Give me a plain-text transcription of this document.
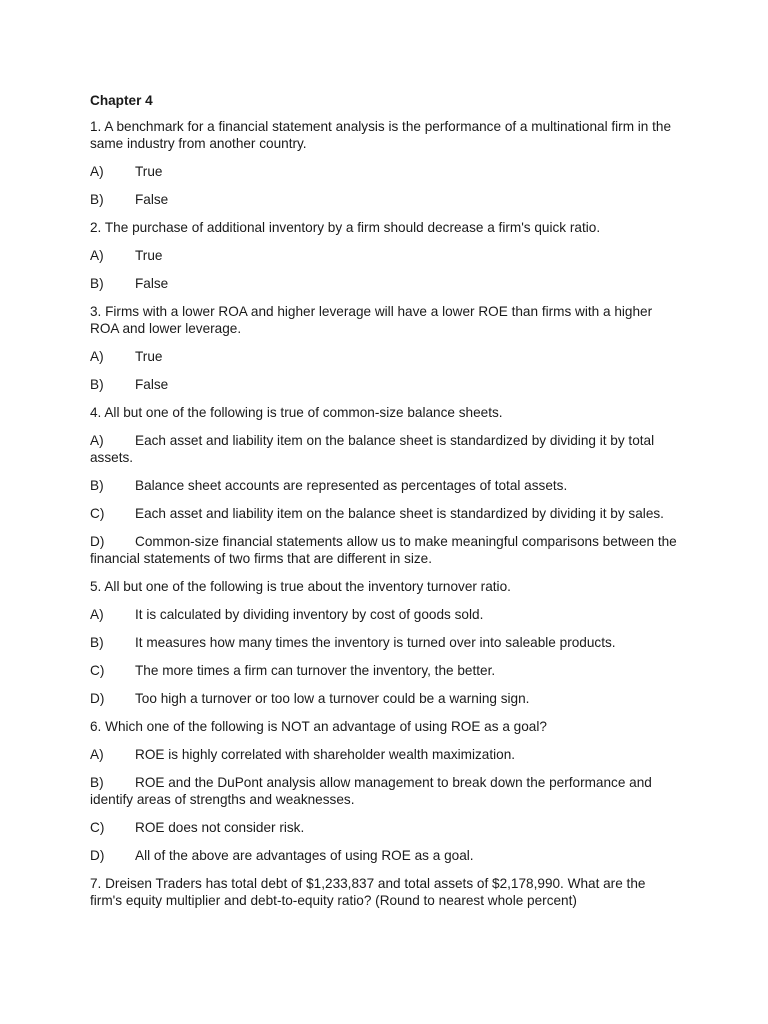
Chapter 4
1. A benchmark for a financial statement analysis is the performance of a multinational firm in the same industry from another country.
A) True
B) False
2. The purchase of additional inventory by a firm should decrease a firm's quick ratio.
A) True
B) False
3. Firms with a lower ROA and higher leverage will have a lower ROE than firms with a higher ROA and lower leverage.
A) True
B) False
4. All but one of the following is true of common-size balance sheets.
A) Each asset and liability item on the balance sheet is standardized by dividing it by total assets.
B) Balance sheet accounts are represented as percentages of total assets.
C) Each asset and liability item on the balance sheet is standardized by dividing it by sales.
D) Common-size financial statements allow us to make meaningful comparisons between the financial statements of two firms that are different in size.
5. All but one of the following is true about the inventory turnover ratio.
A) It is calculated by dividing inventory by cost of goods sold.
B) It measures how many times the inventory is turned over into saleable products.
C) The more times a firm can turnover the inventory, the better.
D) Too high a turnover or too low a turnover could be a warning sign.
6. Which one of the following is NOT an advantage of using ROE as a goal?
A) ROE is highly correlated with shareholder wealth maximization.
B) ROE and the DuPont analysis allow management to break down the performance and identify areas of strengths and weaknesses.
C) ROE does not consider risk.
D) All of the above are advantages of using ROE as a goal.
7. Dreisen Traders has total debt of $1,233,837 and total assets of $2,178,990. What are the firm's equity multiplier and debt-to-equity ratio? (Round to nearest whole percent)
